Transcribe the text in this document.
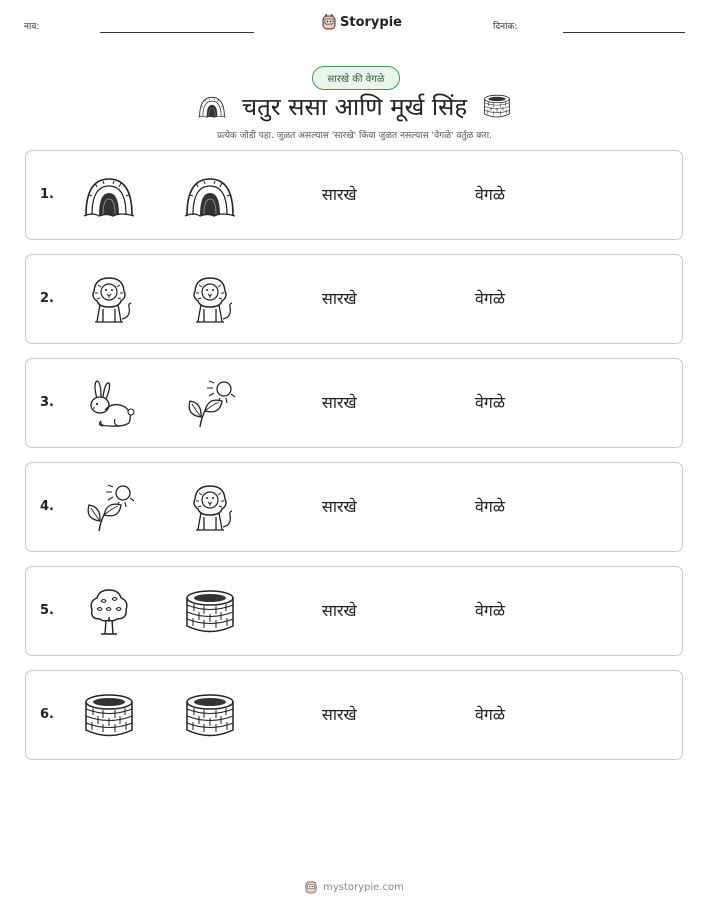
नाव:	Storypie	दिनांक:
सारखे की वेगळे
चतुर ससा आणि मूर्ख सिंह
प्रत्येक जोडी पहा. जुळत असल्यास 'सारखे' किंवा जुळत नसल्यास 'वेगळे' वर्तुळ करा.
1.	सारखे	वेगळे
2.	सारखे	वेगळे
3.	सारखे	वेगळे
4.	सारखे	वेगळे
5.	सारखे	वेगळे
6.	सारखे	वेगळे
mystorypie.com
